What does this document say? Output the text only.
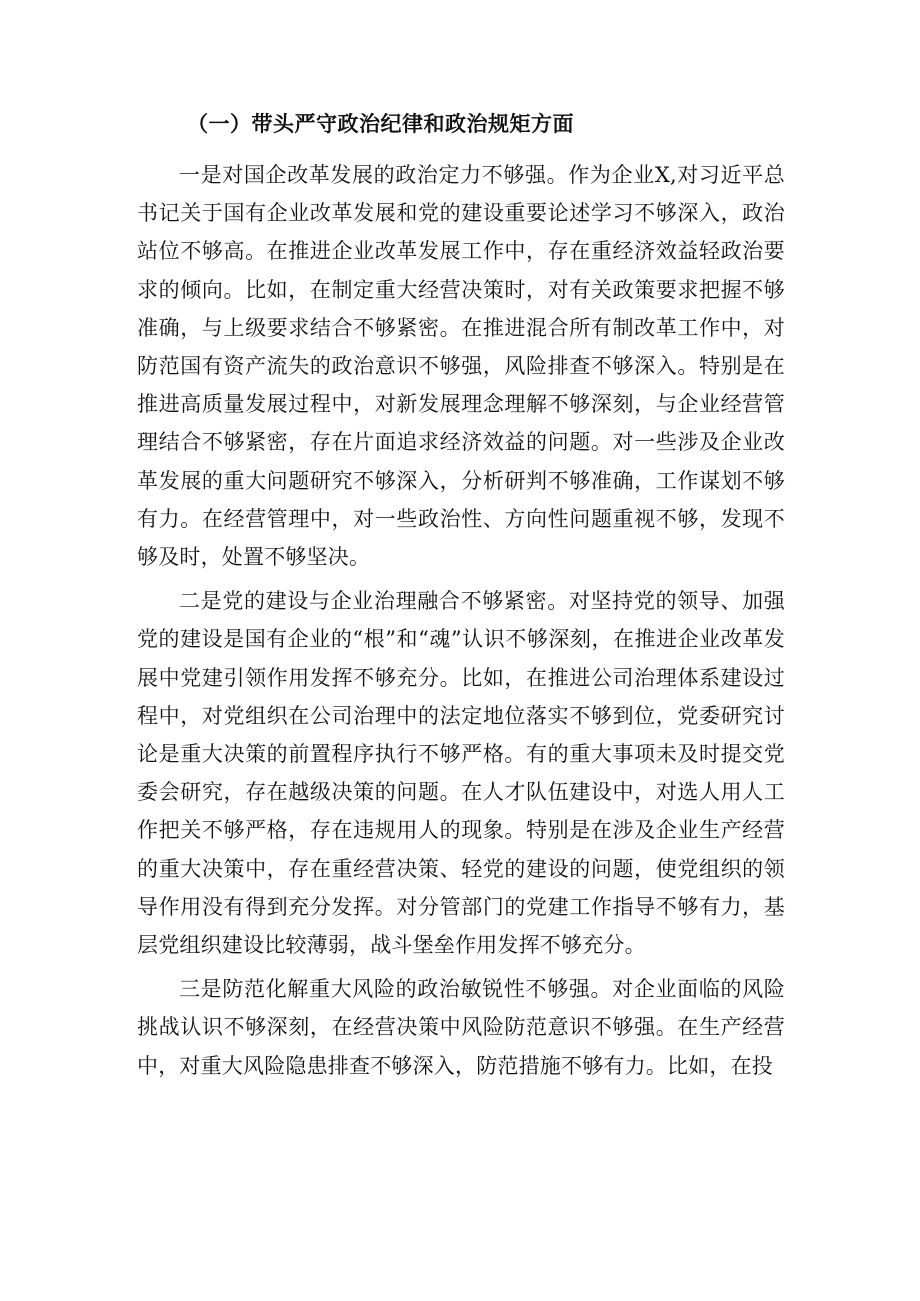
（一）带头严守政治纪律和政治规矩方面

一是对国企改革发展的政治定力不够强。作为企业X,对习近平总书记关于国有企业改革发展和党的建设重要论述学习不够深入，政治站位不够高。在推进企业改革发展工作中，存在重经济效益轻政治要求的倾向。比如，在制定重大经营决策时，对有关政策要求把握不够准确，与上级要求结合不够紧密。在推进混合所有制改革工作中，对防范国有资产流失的政治意识不够强，风险排查不够深入。特别是在推进高质量发展过程中，对新发展理念理解不够深刻，与企业经营管理结合不够紧密，存在片面追求经济效益的问题。对一些涉及企业改革发展的重大问题研究不够深入，分析研判不够准确，工作谋划不够有力。在经营管理中，对一些政治性、方向性问题重视不够，发现不够及时，处置不够坚决。

二是党的建设与企业治理融合不够紧密。对坚持党的领导、加强党的建设是国有企业的“根”和“魂”认识不够深刻，在推进企业改革发展中党建引领作用发挥不够充分。比如，在推进公司治理体系建设过程中，对党组织在公司治理中的法定地位落实不够到位，党委研究讨论是重大决策的前置程序执行不够严格。有的重大事项未及时提交党委会研究，存在越级决策的问题。在人才队伍建设中，对选人用人工作把关不够严格，存在违规用人的现象。特别是在涉及企业生产经营的重大决策中，存在重经营决策、轻党的建设的问题，使党组织的领导作用没有得到充分发挥。对分管部门的党建工作指导不够有力，基层党组织建设比较薄弱，战斗堡垒作用发挥不够充分。

三是防范化解重大风险的政治敏锐性不够强。对企业面临的风险挑战认识不够深刻，在经营决策中风险防范意识不够强。在生产经营中，对重大风险隐患排查不够深入，防范措施不够有力。比如，在投
